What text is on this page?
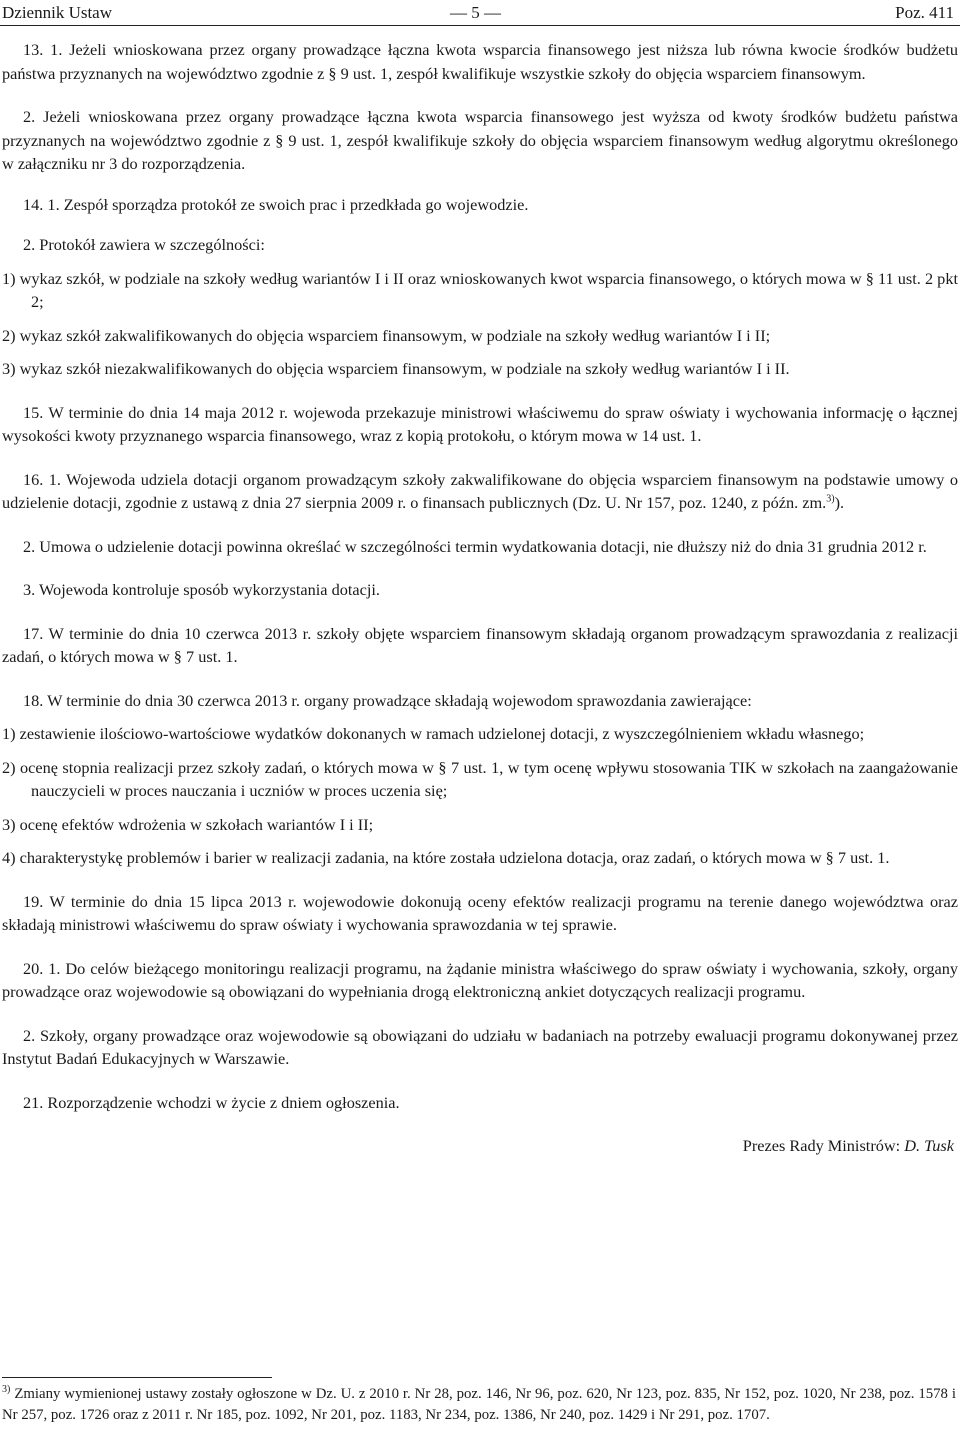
Dziennik Ustaw	— 5 —	Poz. 411

13. 1. Jeżeli wnioskowana przez organy prowadzące łączna kwota wsparcia finansowego jest niższa lub równa kwocie środków budżetu państwa przyznanych na województwo zgodnie z § 9 ust. 1, zespół kwalifikuje wszystkie szkoły do objęcia wsparciem finansowym.

2. Jeżeli wnioskowana przez organy prowadzące łączna kwota wsparcia finansowego jest wyższa od kwoty środków budżetu państwa przyznanych na województwo zgodnie z § 9 ust. 1, zespół kwalifikuje szkoły do objęcia wsparciem finansowym według algorytmu określonego w załączniku nr 3 do rozporządzenia.

14. 1. Zespół sporządza protokół ze swoich prac i przedkłada go wojewodzie.

2. Protokół zawiera w szczególności:

1) wykaz szkół, w podziale na szkoły według wariantów I i II oraz wnioskowanych kwot wsparcia finansowego, o których mowa w § 11 ust. 2 pkt 2;

2) wykaz szkół zakwalifikowanych do objęcia wsparciem finansowym, w podziale na szkoły według wariantów I i II;

3) wykaz szkół niezakwalifikowanych do objęcia wsparciem finansowym, w podziale na szkoły według wariantów I i II.

15. W terminie do dnia 14 maja 2012 r. wojewoda przekazuje ministrowi właściwemu do spraw oświaty i wychowania informację o łącznej wysokości kwoty przyznanego wsparcia finansowego, wraz z kopią protokołu, o którym mowa w 14 ust. 1.

16. 1. Wojewoda udziela dotacji organom prowadzącym szkoły zakwalifikowane do objęcia wsparciem finansowym na podstawie umowy o udzielenie dotacji, zgodnie z ustawą z dnia 27 sierpnia 2009 r. o finansach publicznych (Dz. U. Nr 157, poz. 1240, z późn. zm.$^{3)}$).

2. Umowa o udzielenie dotacji powinna określać w szczególności termin wydatkowania dotacji, nie dłuższy niż do dnia 31 grudnia 2012 r.

3. Wojewoda kontroluje sposób wykorzystania dotacji.

17. W terminie do dnia 10 czerwca 2013 r. szkoły objęte wsparciem finansowym składają organom prowadzącym sprawozdania z realizacji zadań, o których mowa w § 7 ust. 1.

18. W terminie do dnia 30 czerwca 2013 r. organy prowadzące składają wojewodom sprawozdania zawierające:

1) zestawienie ilościowo-wartościowe wydatków dokonanych w ramach udzielonej dotacji, z wyszczególnieniem wkładu własnego;

2) ocenę stopnia realizacji przez szkoły zadań, o których mowa w § 7 ust. 1, w tym ocenę wpływu stosowania TIK w szkołach na zaangażowanie nauczycieli w proces nauczania i uczniów w proces uczenia się;

3) ocenę efektów wdrożenia w szkołach wariantów I i II;

4) charakterystykę problemów i barier w realizacji zadania, na które została udzielona dotacja, oraz zadań, o których mowa w § 7 ust. 1.

19. W terminie do dnia 15 lipca 2013 r. wojewodowie dokonują oceny efektów realizacji programu na terenie danego województwa oraz składają ministrowi właściwemu do spraw oświaty i wychowania sprawozdania w tej sprawie.

20. 1. Do celów bieżącego monitoringu realizacji programu, na żądanie ministra właściwego do spraw oświaty i wychowania, szkoły, organy prowadzące oraz wojewodowie są obowiązani do wypełniania drogą elektroniczną ankiet dotyczących realizacji programu.

2. Szkoły, organy prowadzące oraz wojewodowie są obowiązani do udziału w badaniach na potrzeby ewaluacji programu dokonywanej przez Instytut Badań Edukacyjnych w Warszawie.

21. Rozporządzenie wchodzi w życie z dniem ogłoszenia.

Prezes Rady Ministrów: D. Tusk

$^{3)}$ Zmiany wymienionej ustawy zostały ogłoszone w Dz. U. z 2010 r. Nr 28, poz. 146, Nr 96, poz. 620, Nr 123, poz. 835, Nr 152, poz. 1020, Nr 238, poz. 1578 i Nr 257, poz. 1726 oraz z 2011 r. Nr 185, poz. 1092, Nr 201, poz. 1183, Nr 234, poz. 1386, Nr 240, poz. 1429 i Nr 291, poz. 1707.
